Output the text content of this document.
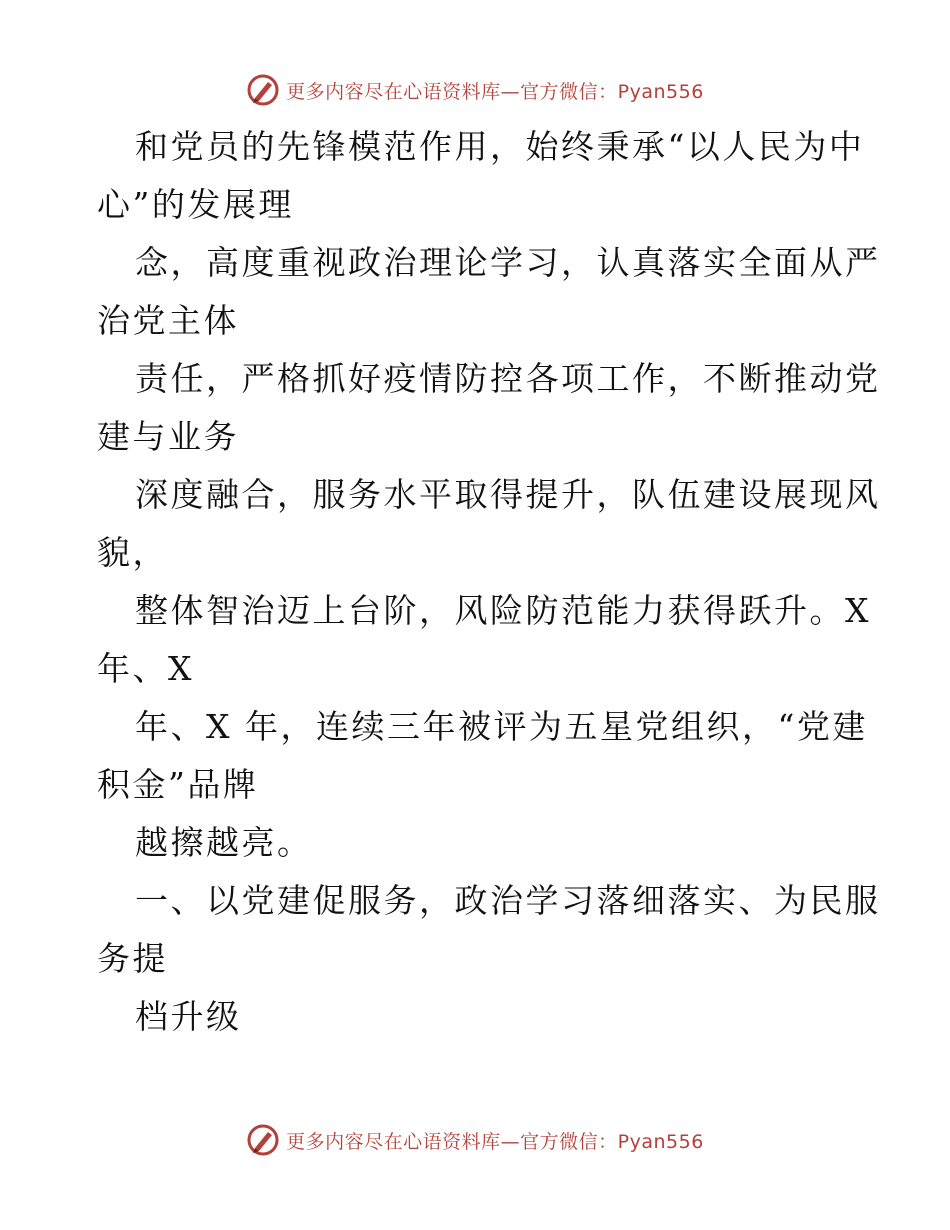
更多内容尽在心语资料库—官方微信：Pyan556
和党员的先锋模范作用，始终秉承“以人民为中
心”的发展理
念，高度重视政治理论学习，认真落实全面从严
治党主体
责任，严格抓好疫情防控各项工作，不断推动党
建与业务
深度融合，服务水平取得提升，队伍建设展现风
貌，
整体智治迈上台阶，风险防范能力获得跃升。X
年、X
年、X 年，连续三年被评为五星党组织，“党建
积金”品牌
越擦越亮。
一、以党建促服务，政治学习落细落实、为民服
务提
档升级
更多内容尽在心语资料库—官方微信：Pyan556
